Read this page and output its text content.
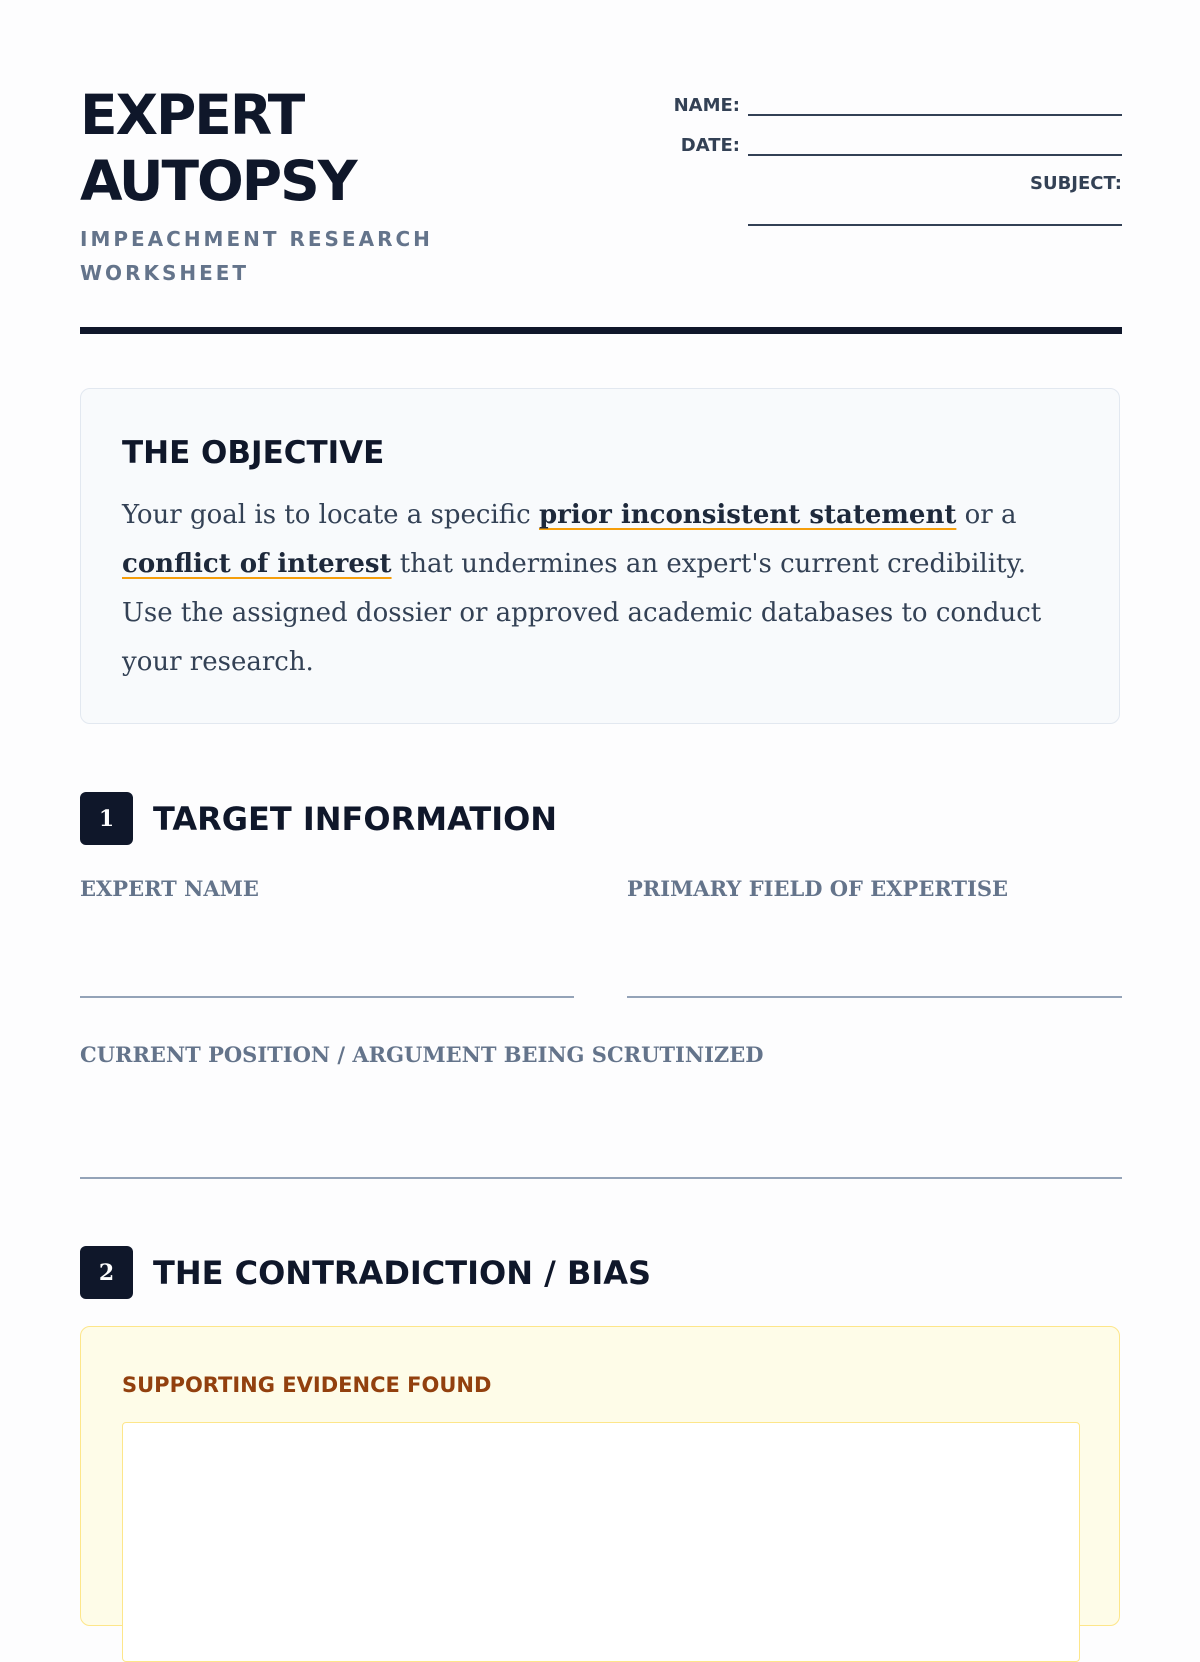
EXPERT
AUTOPSY
IMPEACHMENT RESEARCH
WORKSHEET
NAME:
DATE:
SUBJECT:
THE OBJECTIVE

Your goal is to locate a specific prior inconsistent statement or a conflict of interest that undermines an expert's current credibility. Use the assigned dossier or approved academic databases to conduct your research.

1	TARGET INFORMATION
EXPERT NAME	PRIMARY FIELD OF EXPERTISE
CURRENT POSITION / ARGUMENT BEING SCRUTINIZED
2	THE CONTRADICTION / BIAS
SUPPORTING EVIDENCE FOUND
